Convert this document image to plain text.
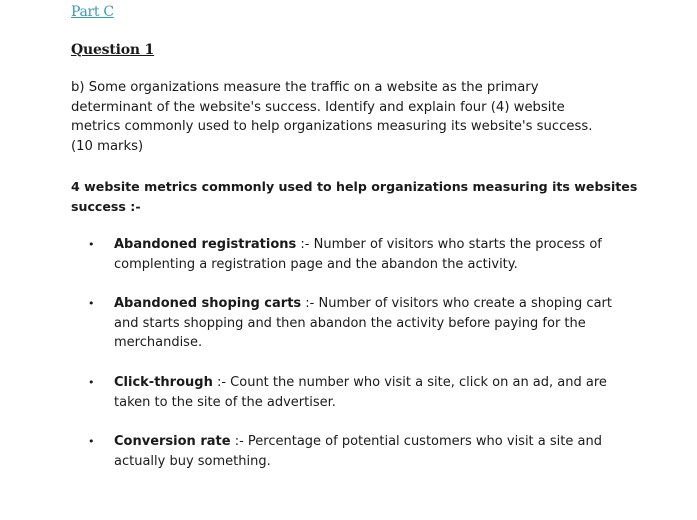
Part C
Question 1
b) Some organizations measure the traffic on a website as the primary
determinant of the website's success. Identify and explain four (4) website
metrics commonly used to help organizations measuring its website's success.
(10 marks)
4 website metrics commonly used to help organizations measuring its websites
success :-
• Abandoned registrations :- Number of visitors who starts the process of
complenting a registration page and the abandon the activity.
• Abandoned shoping carts :- Number of visitors who create a shoping cart
and starts shopping and then abandon the activity before paying for the
merchandise.
• Click-through :- Count the number who visit a site, click on an ad, and are
taken to the site of the advertiser.
• Conversion rate :- Percentage of potential customers who visit a site and
actually buy something.
